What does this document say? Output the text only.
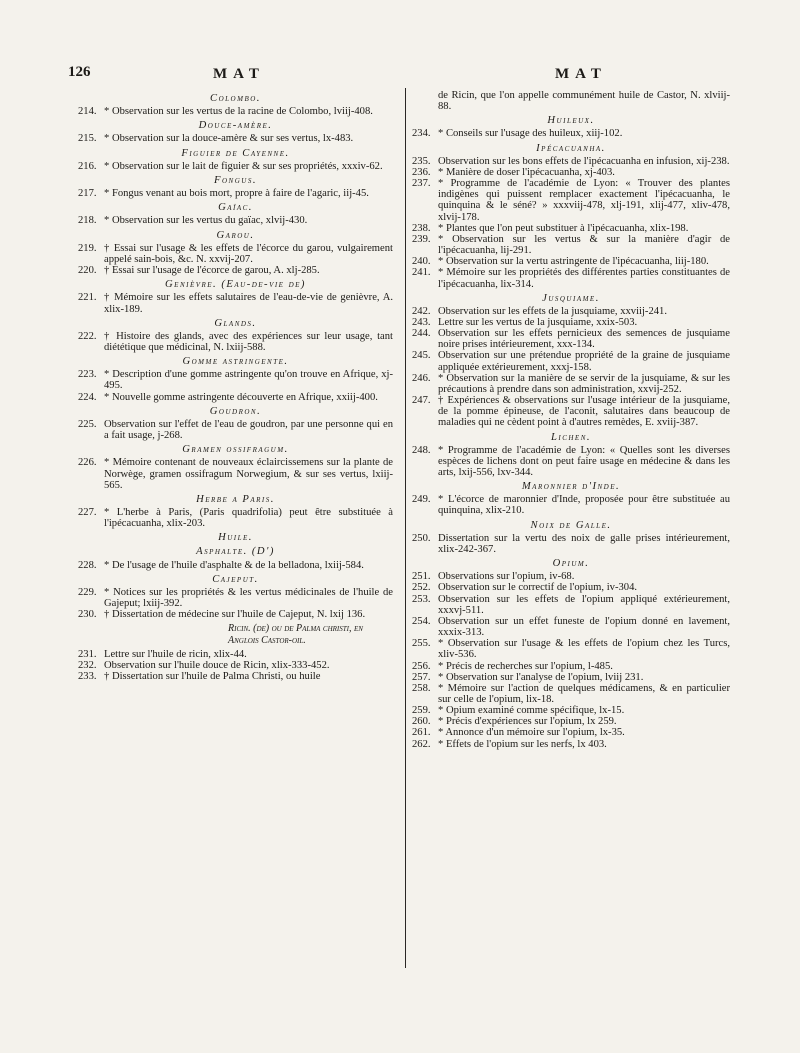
126	MAT	MAT
Colombo.
214. * Observation sur les vertus de la racine de Colombo, lviij-408.
Douce-amère.
215. * Observation sur la douce-amère & sur ses vertus, lx-483.
Figuier de Cayenne.
216. * Observation sur le lait de figuier & sur ses propriétés, xxxiv-62.
Fongus.
217. * Fongus venant au bois mort, propre à faire de l'agaric, iij-45.
Gaïac.
218. * Observation sur les vertus du gaïac, xlvij-430.
Garou.
219. † Essai sur l'usage & les effets de l'écorce du garou, vulgairement appelé sain-bois, &c. N. xxvij-207.
220. † Essai sur l'usage de l'écorce de garou, A. xlj-285.
Genièvre. (Eau-de-vie de)
221. † Mémoire sur les effets salutaires de l'eau-de-vie de genièvre, A. xlix-189.
Glands.
222. † Histoire des glands, avec des expériences sur leur usage, tant diététique que médicinal, N. lxiij-588.
Gomme astringente.
223. * Description d'une gomme astringente qu'on trouve en Afrique, xj-495.
224. * Nouvelle gomme astringente découverte en Afrique, xxiij-400.
Goudron.
225. Observation sur l'effet de l'eau de goudron, par une personne qui en a fait usage, j-268.
Gramen ossifragum.
226. * Mémoire contenant de nouveaux éclaircissemens sur la plante de Norwège, gramen ossifragum Norwegium, & sur ses vertus, lxiij-565.
Herbe a Paris.
227. * L'herbe à Paris, (Paris quadrifolia) peut être substituée à l'ipécacuanha, xlix-203.
Huile.
Asphalte. (D')
228. * De l'usage de l'huile d'asphalte & de la belladona, lxiij-584.
Cajeput.
229. * Notices sur les propriétés & les vertus médicinales de l'huile de Gajeput; lxiij-392.
230. † Dissertation de médecine sur l'huile de Cajeput, N. lxij 136.
Ricin. (de) ou de Palma christi, en Anglois Castor-oil.
231. Lettre sur l'huile de ricin, xlix-44.
232. Observation sur l'huile douce de Ricin, xlix-333-452.
233. † Dissertation sur l'huile de Palma Christi, ou huile
de Ricin, que l'on appelle communément huile de Castor, N. xlviij-88.
Huileux.
234. * Conseils sur l'usage des huileux, xiij-102.
Ipécacuanha.
235. Observation sur les bons effets de l'ipécacuanha en infusion, xij-238.
236. * Manière de doser l'ipécacuanha, xj-403.
237. * Programme de l'académie de Lyon: « Trouver des plantes indigènes qui puissent remplacer exactement l'ipécacuanha, le quinquina & le séné? » xxxviij-478, xlj-191, xlij-477, xliv-478, xlvij-178.
238. * Plantes que l'on peut substituer à l'ipécacuanha, xlix-198.
239. * Observation sur les vertus & sur la manière d'agir de l'ipécacuanha, lij-291.
240. * Observation sur la vertu astringente de l'ipécacuanha, liij-180.
241. * Mémoire sur les propriétés des différentes parties constituantes de l'ipécacuanha, lix-314.
Jusquiame.
242. Observation sur les effets de la jusquiame, xxviij-241.
243. Lettre sur les vertus de la jusquiame, xxix-503.
244. Observation sur les effets pernicieux des semences de jusquiame noire prises intérieurement, xxx-134.
245. Observation sur une prétendue propriété de la graine de jusquiame appliquée extérieurement, xxxj-158.
246. * Observation sur la manière de se servir de la jusquiame, & sur les précautions à prendre dans son administration, xxvij-252.
247. † Expériences & observations sur l'usage intérieur de la jusquiame, de la pomme épineuse, de l'aconit, salutaires dans beaucoup de maladies qui ne cèdent point à d'autres remèdes, E. xviij-387.
Lichen.
248. * Programme de l'académie de Lyon: « Quelles sont les diverses espèces de lichens dont on peut faire usage en médecine & dans les arts, lxij-556, lxv-344.
Maronnier d'Inde.
249. * L'écorce de maronnier d'Inde, proposée pour être substituée au quinquina, xlix-210.
Noix de Galle.
250. Dissertation sur la vertu des noix de galle prises intérieurement, xlix-242-367.
Opium.
251. Observations sur l'opium, iv-68.
252. Observation sur le correctif de l'opium, iv-304.
253. Observation sur les effets de l'opium appliqué extérieurement, xxxvj-511.
254. Observation sur un effet funeste de l'opium donné en lavement, xxxix-313.
255. * Observation sur l'usage & les effets de l'opium chez les Turcs, xliv-536.
256. * Précis de recherches sur l'opium, l-485.
257. * Observation sur l'analyse de l'opium, lviij 231.
258. * Mémoire sur l'action de quelques médicamens, & en particulier sur celle de l'opium, lix-18.
259. * Opium examiné comme spécifique, lx-15.
260. * Précis d'expériences sur l'opium, lx 259.
261. * Annonce d'un mémoire sur l'opium, lx-35.
262. * Effets de l'opium sur les nerfs, lx 403.
